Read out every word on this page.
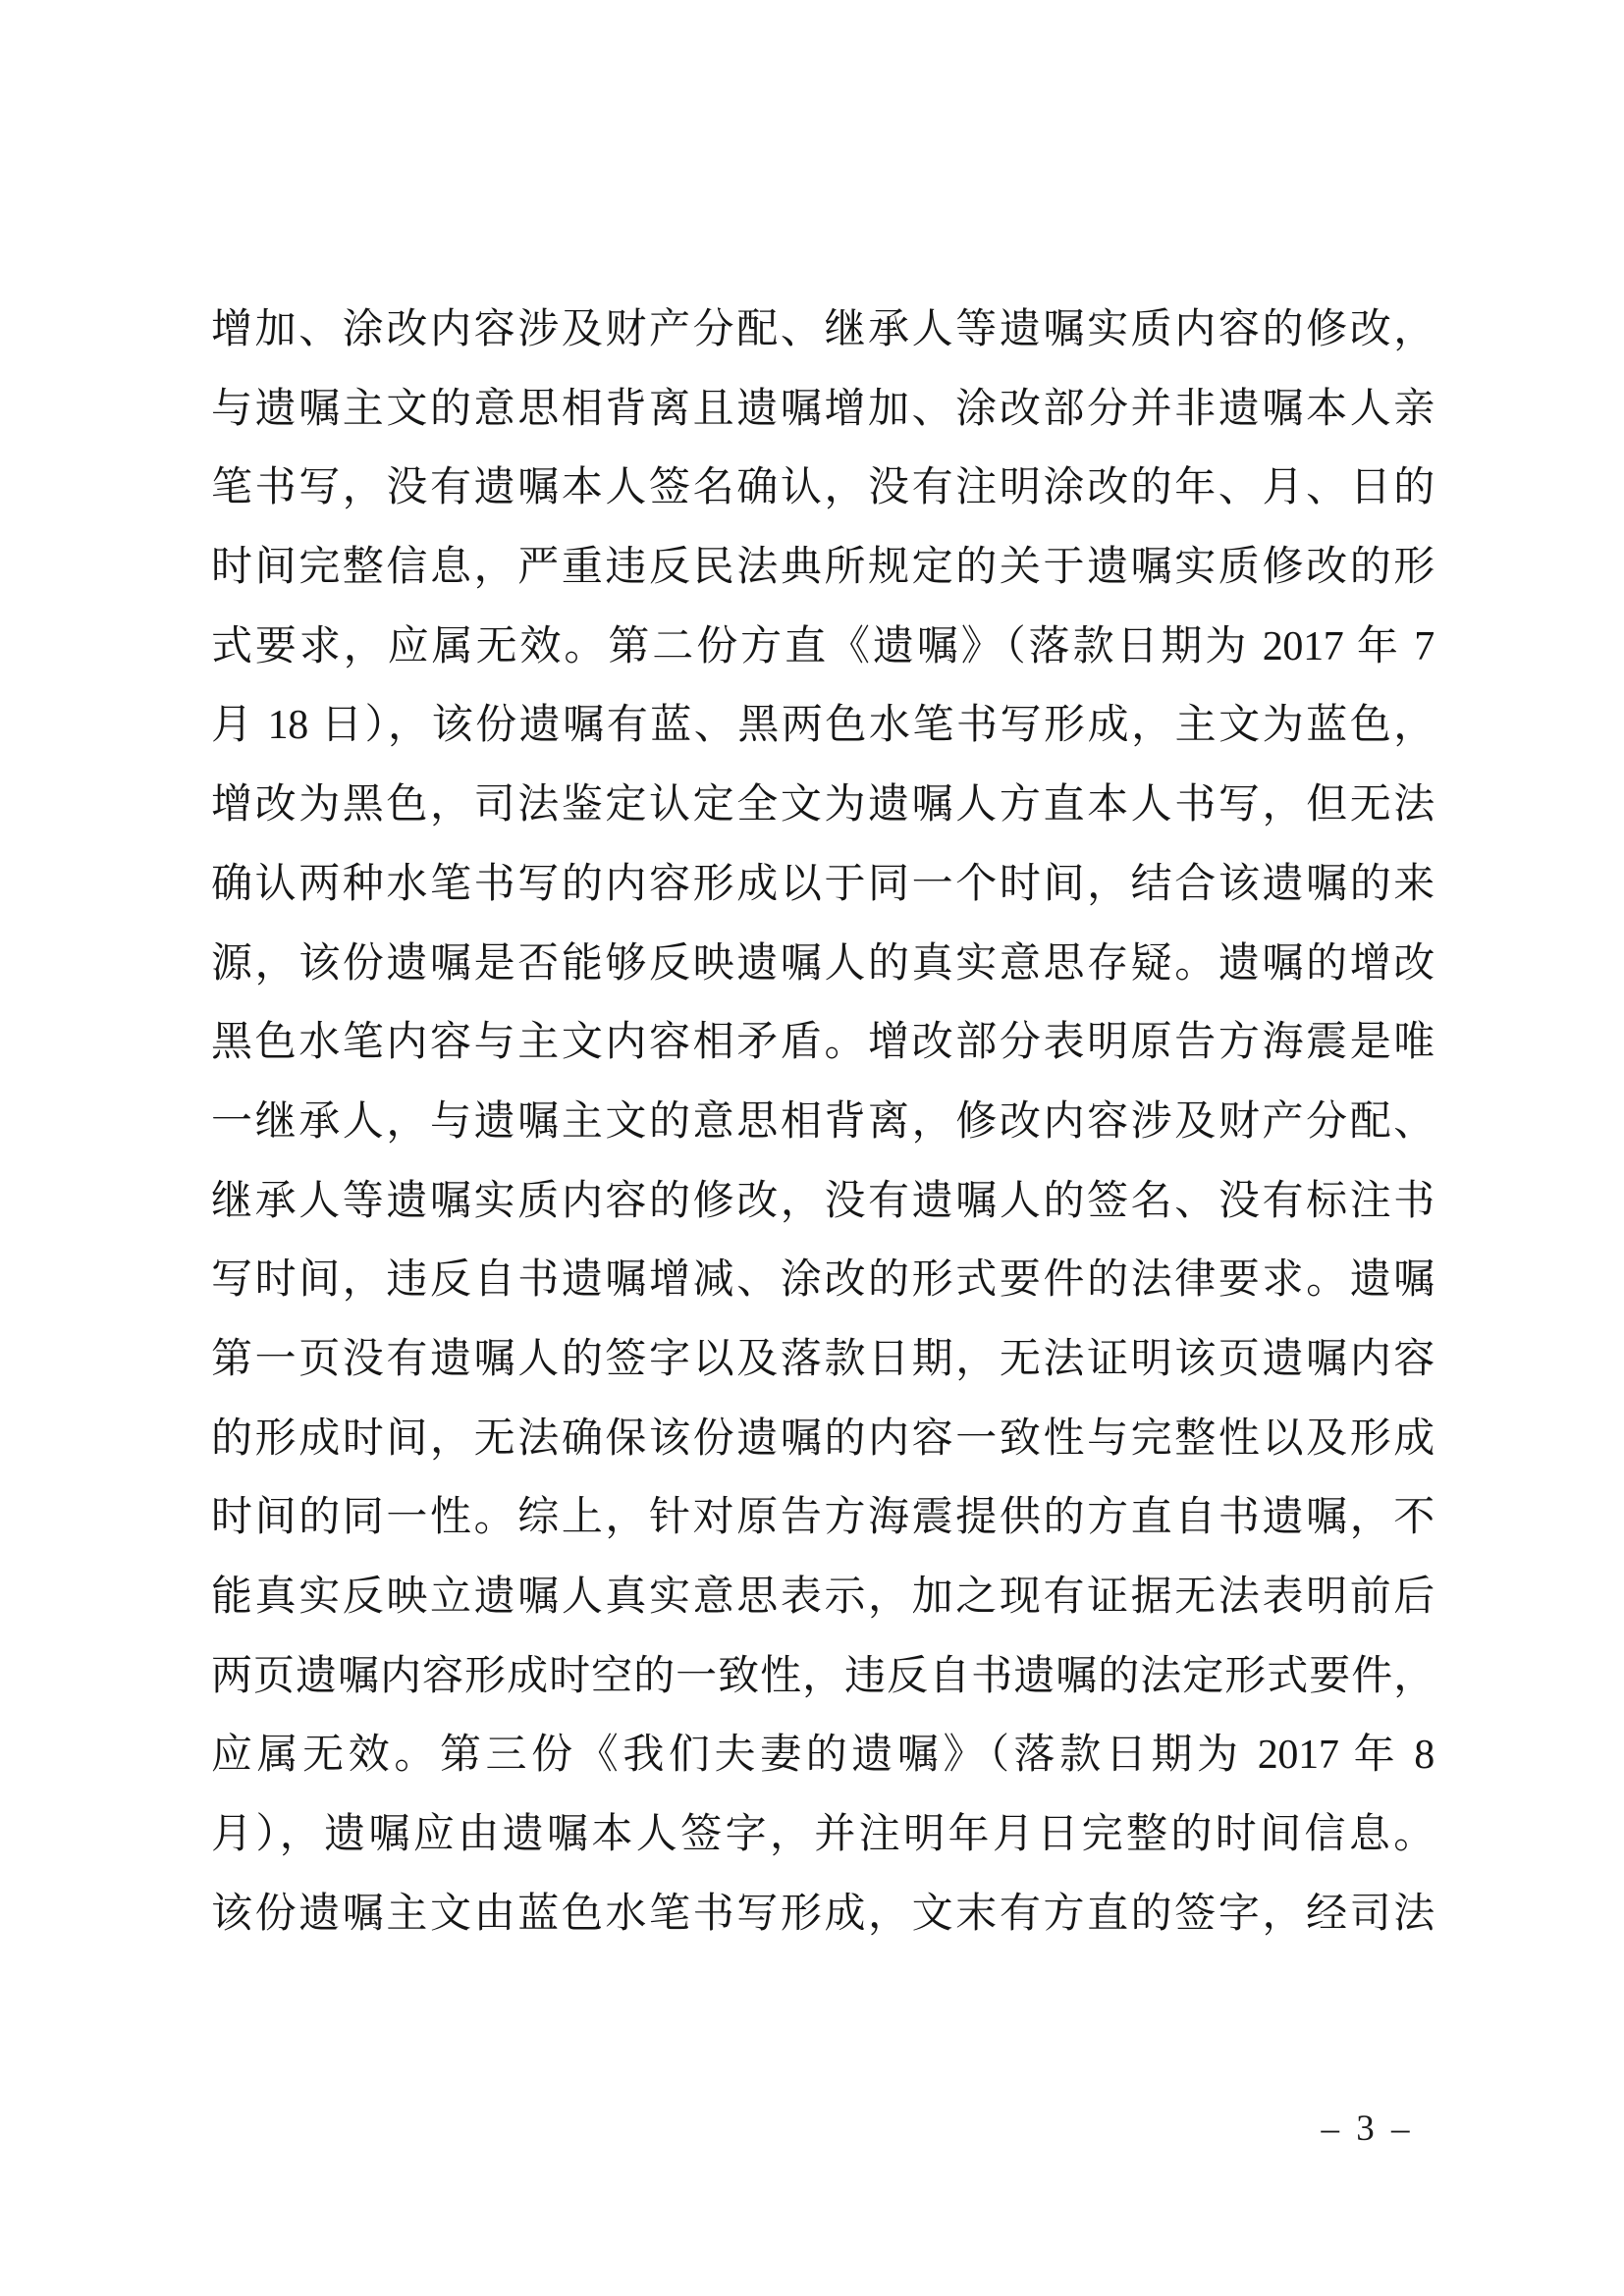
增加、涂改内容涉及财产分配、继承人等遗嘱实质内容的修改，
与遗嘱主文的意思相背离且遗嘱增加、涂改部分并非遗嘱本人亲
笔书写，没有遗嘱本人签名确认，没有注明涂改的年、月、日的
时间完整信息，严重违反民法典所规定的关于遗嘱实质修改的形
式要求，应属无效。第二份方直《遗嘱》（落款日期为 2017 年 7
月 18 日），该份遗嘱有蓝、黑两色水笔书写形成，主文为蓝色，
增改为黑色，司法鉴定认定全文为遗嘱人方直本人书写，但无法
确认两种水笔书写的内容形成以于同一个时间，结合该遗嘱的来
源，该份遗嘱是否能够反映遗嘱人的真实意思存疑。遗嘱的增改
黑色水笔内容与主文内容相矛盾。增改部分表明原告方海震是唯
一继承人，与遗嘱主文的意思相背离，修改内容涉及财产分配、
继承人等遗嘱实质内容的修改，没有遗嘱人的签名、没有标注书
写时间，违反自书遗嘱增减、涂改的形式要件的法律要求。遗嘱
第一页没有遗嘱人的签字以及落款日期，无法证明该页遗嘱内容
的形成时间，无法确保该份遗嘱的内容一致性与完整性以及形成
时间的同一性。综上，针对原告方海震提供的方直自书遗嘱，不
能真实反映立遗嘱人真实意思表示，加之现有证据无法表明前后
两页遗嘱内容形成时空的一致性，违反自书遗嘱的法定形式要件，
应属无效。第三份《我们夫妻的遗嘱》（落款日期为 2017 年 8
月），遗嘱应由遗嘱本人签字，并注明年月日完整的时间信息。
该份遗嘱主文由蓝色水笔书写形成，文末有方直的签字，经司法
– 3 –
